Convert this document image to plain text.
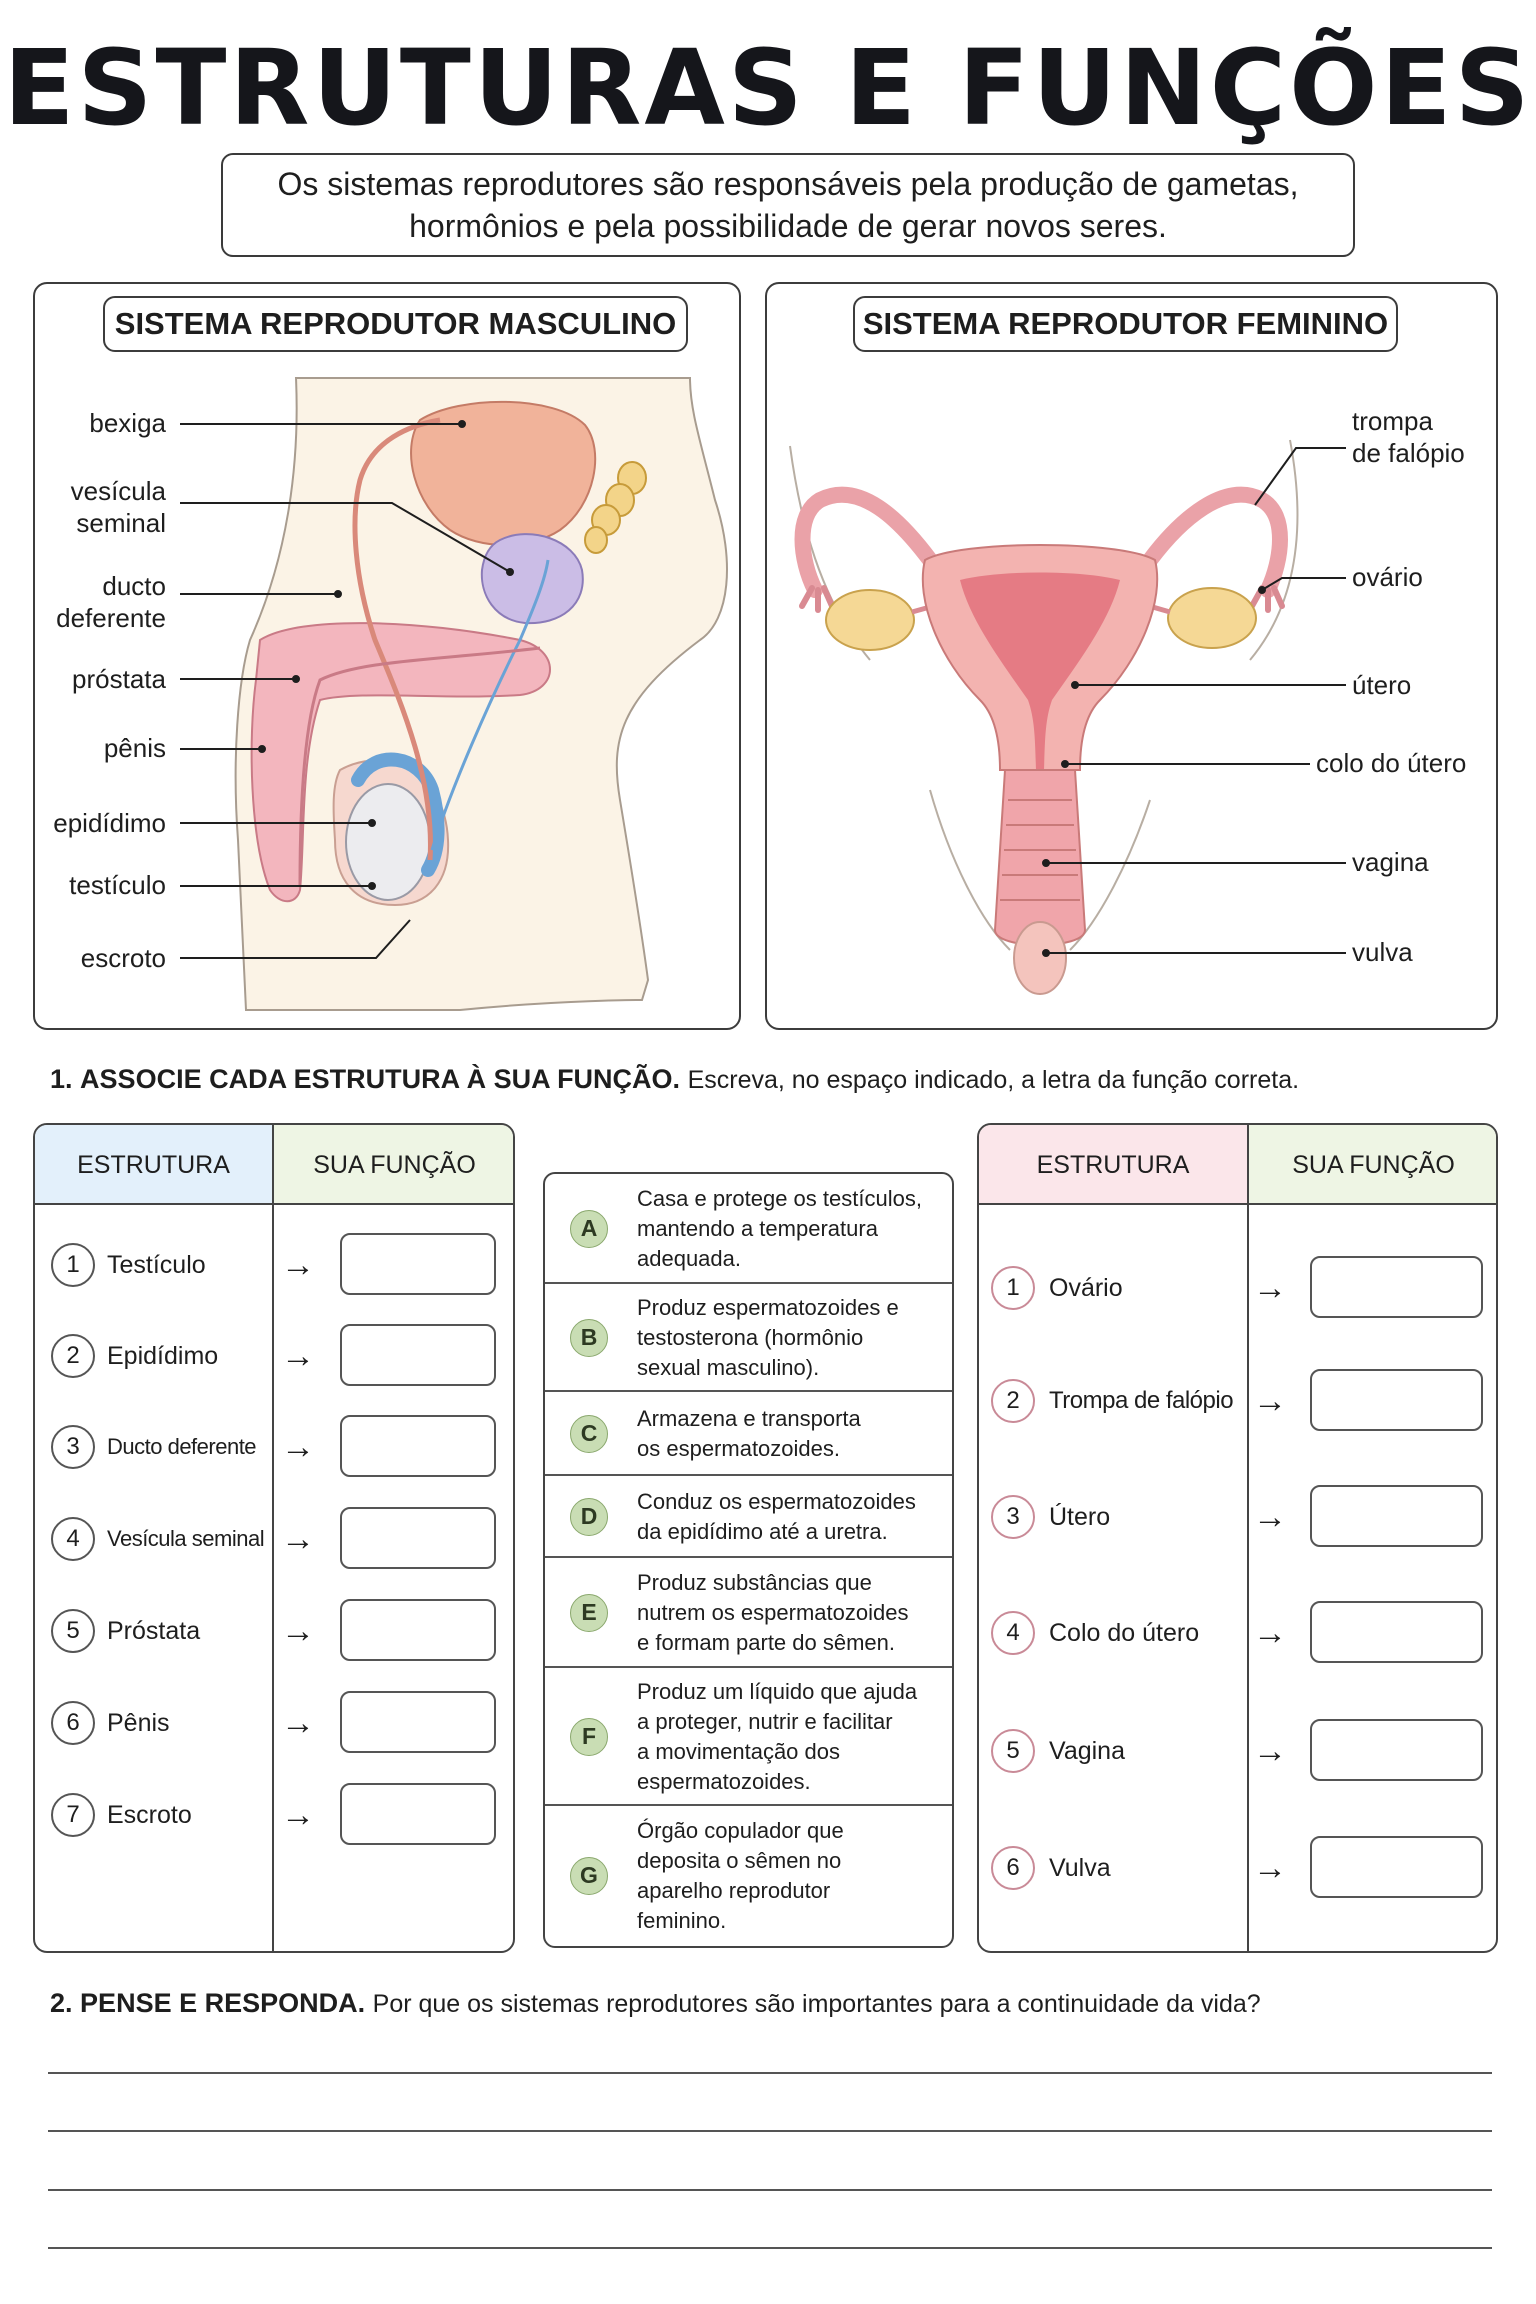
ESTRUTURAS E FUNÇÕES
Os sistemas reprodutores são responsáveis pela produção de gametas,
hormônios e pela possibilidade de gerar novos seres.
SISTEMA REPRODUTOR MASCULINO
bexiga
vesícula
seminal
ducto
deferente
próstata
pênis
epidídimo
testículo
escroto
SISTEMA REPRODUTOR FEMININO
trompa
de falópio
ovário
útero
colo do útero
vagina
vulva
1. ASSOCIE CADA ESTRUTURA À SUA FUNÇÃO. Escreva, no espaço indicado, a letra da função correta.
ESTRUTURA	SUA FUNÇÃO
1	Testículo →
2	Epidídimo →
3	Ducto deferente →
4	Vesícula seminal →
5	Próstata →
6	Pênis	→
7	Escroto	→
A
Casa e protege os testículos,
mantendo a temperatura
adequada.
B
Produz espermatozoides e
testosterona (hormônio
sexual masculino).
C
Armazena e transporta
os espermatozoides.
D
Conduz os espermatozoides
da epidídimo até a uretra.
E
Produz substâncias que
nutrem os espermatozoides
e formam parte do sêmen.
F
Produz um líquido que ajuda
a proteger, nutrir e facilitar
a movimentação dos
espermatozoides.
G
Órgão copulador que
deposita o sêmen no
aparelho reprodutor
feminino.
ESTRUTURA	SUA FUNÇÃO
1	Ovário	→
2	Trompa de falópio →
3	Útero	→
4	Colo do útero →
5	Vagina	→
6	Vulva	→
2. PENSE E RESPONDA. Por que os sistemas reprodutores são importantes para a continuidade da vida?
